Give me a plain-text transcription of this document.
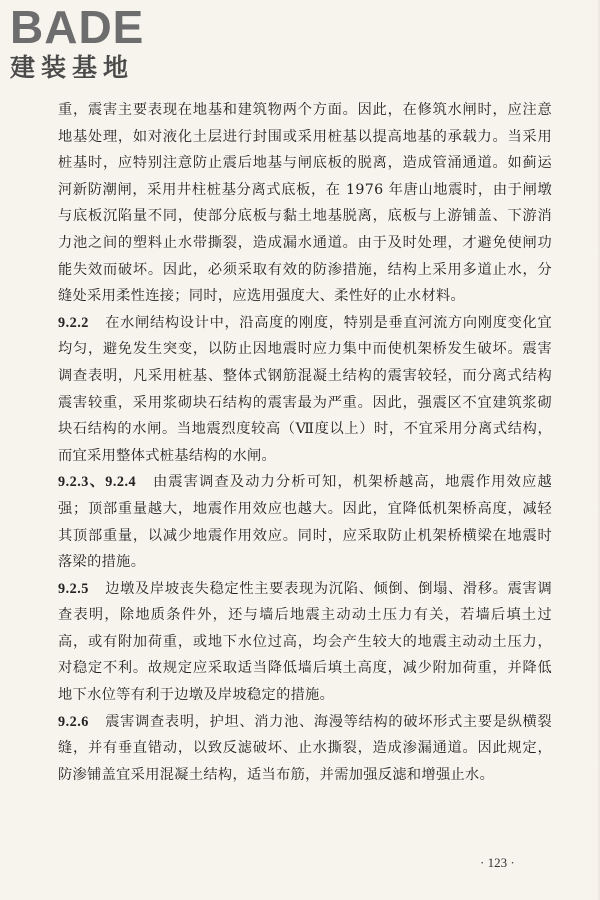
BADE
建装基地

重，震害主要表现在地基和建筑物两个方面。因此，在修筑水闸时，应注意地基处理，如对液化土层进行封围或采用桩基以提高地基的承载力。当采用桩基时，应特别注意防止震后地基与闸底板的脱离，造成管涌通道。如蓟运河新防潮闸，采用井柱桩基分离式底板，在 1976 年唐山地震时，由于闸墩与底板沉陷量不同，使部分底板与黏土地基脱离，底板与上游铺盖、下游消力池之间的塑料止水带撕裂，造成漏水通道。由于及时处理，才避免使闸功能失效而破坏。因此，必须采取有效的防渗措施，结构上采用多道止水，分缝处采用柔性连接；同时，应选用强度大、柔性好的止水材料。

9.2.2 在水闸结构设计中，沿高度的刚度，特别是垂直河流方向刚度变化宜均匀，避免发生突变，以防止因地震时应力集中而使机架桥发生破坏。震害调查表明，凡采用桩基、整体式钢筋混凝土结构的震害较轻，而分离式结构震害较重，采用浆砌块石结构的震害最为严重。因此，强震区不宜建筑浆砌块石结构的水闸。当地震烈度较高（Ⅶ度以上）时，不宜采用分离式结构，而宜采用整体式桩基结构的水闸。

9.2.3、9.2.4 由震害调查及动力分析可知，机架桥越高，地震作用效应越强；顶部重量越大，地震作用效应也越大。因此，宜降低机架桥高度，减轻其顶部重量，以减少地震作用效应。同时，应采取防止机架桥横梁在地震时落梁的措施。

9.2.5 边墩及岸坡丧失稳定性主要表现为沉陷、倾倒、倒塌、滑移。震害调查表明，除地质条件外，还与墙后地震主动动土压力有关，若墙后填土过高，或有附加荷重，或地下水位过高，均会产生较大的地震主动动土压力，对稳定不利。故规定应采取适当降低墙后填土高度，减少附加荷重，并降低地下水位等有利于边墩及岸坡稳定的措施。

9.2.6 震害调查表明，护坦、消力池、海漫等结构的破坏形式主要是纵横裂缝，并有垂直错动，以致反滤破坏、止水撕裂，造成渗漏通道。因此规定，防渗铺盖宜采用混凝土结构，适当布筋，并需加强反滤和增强止水。

· 123 ·
